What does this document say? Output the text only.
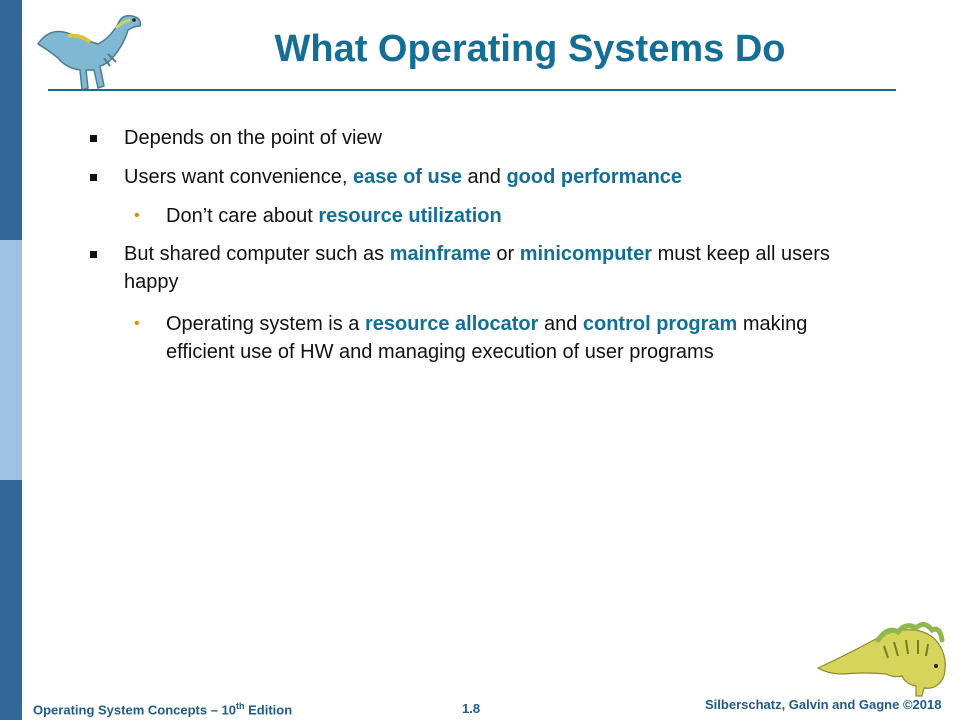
What Operating Systems Do
Depends on the point of view
Users want convenience, ease of use and good performance
• Don’t care about resource utilization
But shared computer such as mainframe or minicomputer must keep all users happy
• Operating system is a resource allocator and control program making efficient use of HW and managing execution of user programs
Operating System Concepts – 10th Edition	1.8	Silberschatz, Galvin and Gagne ©2018
